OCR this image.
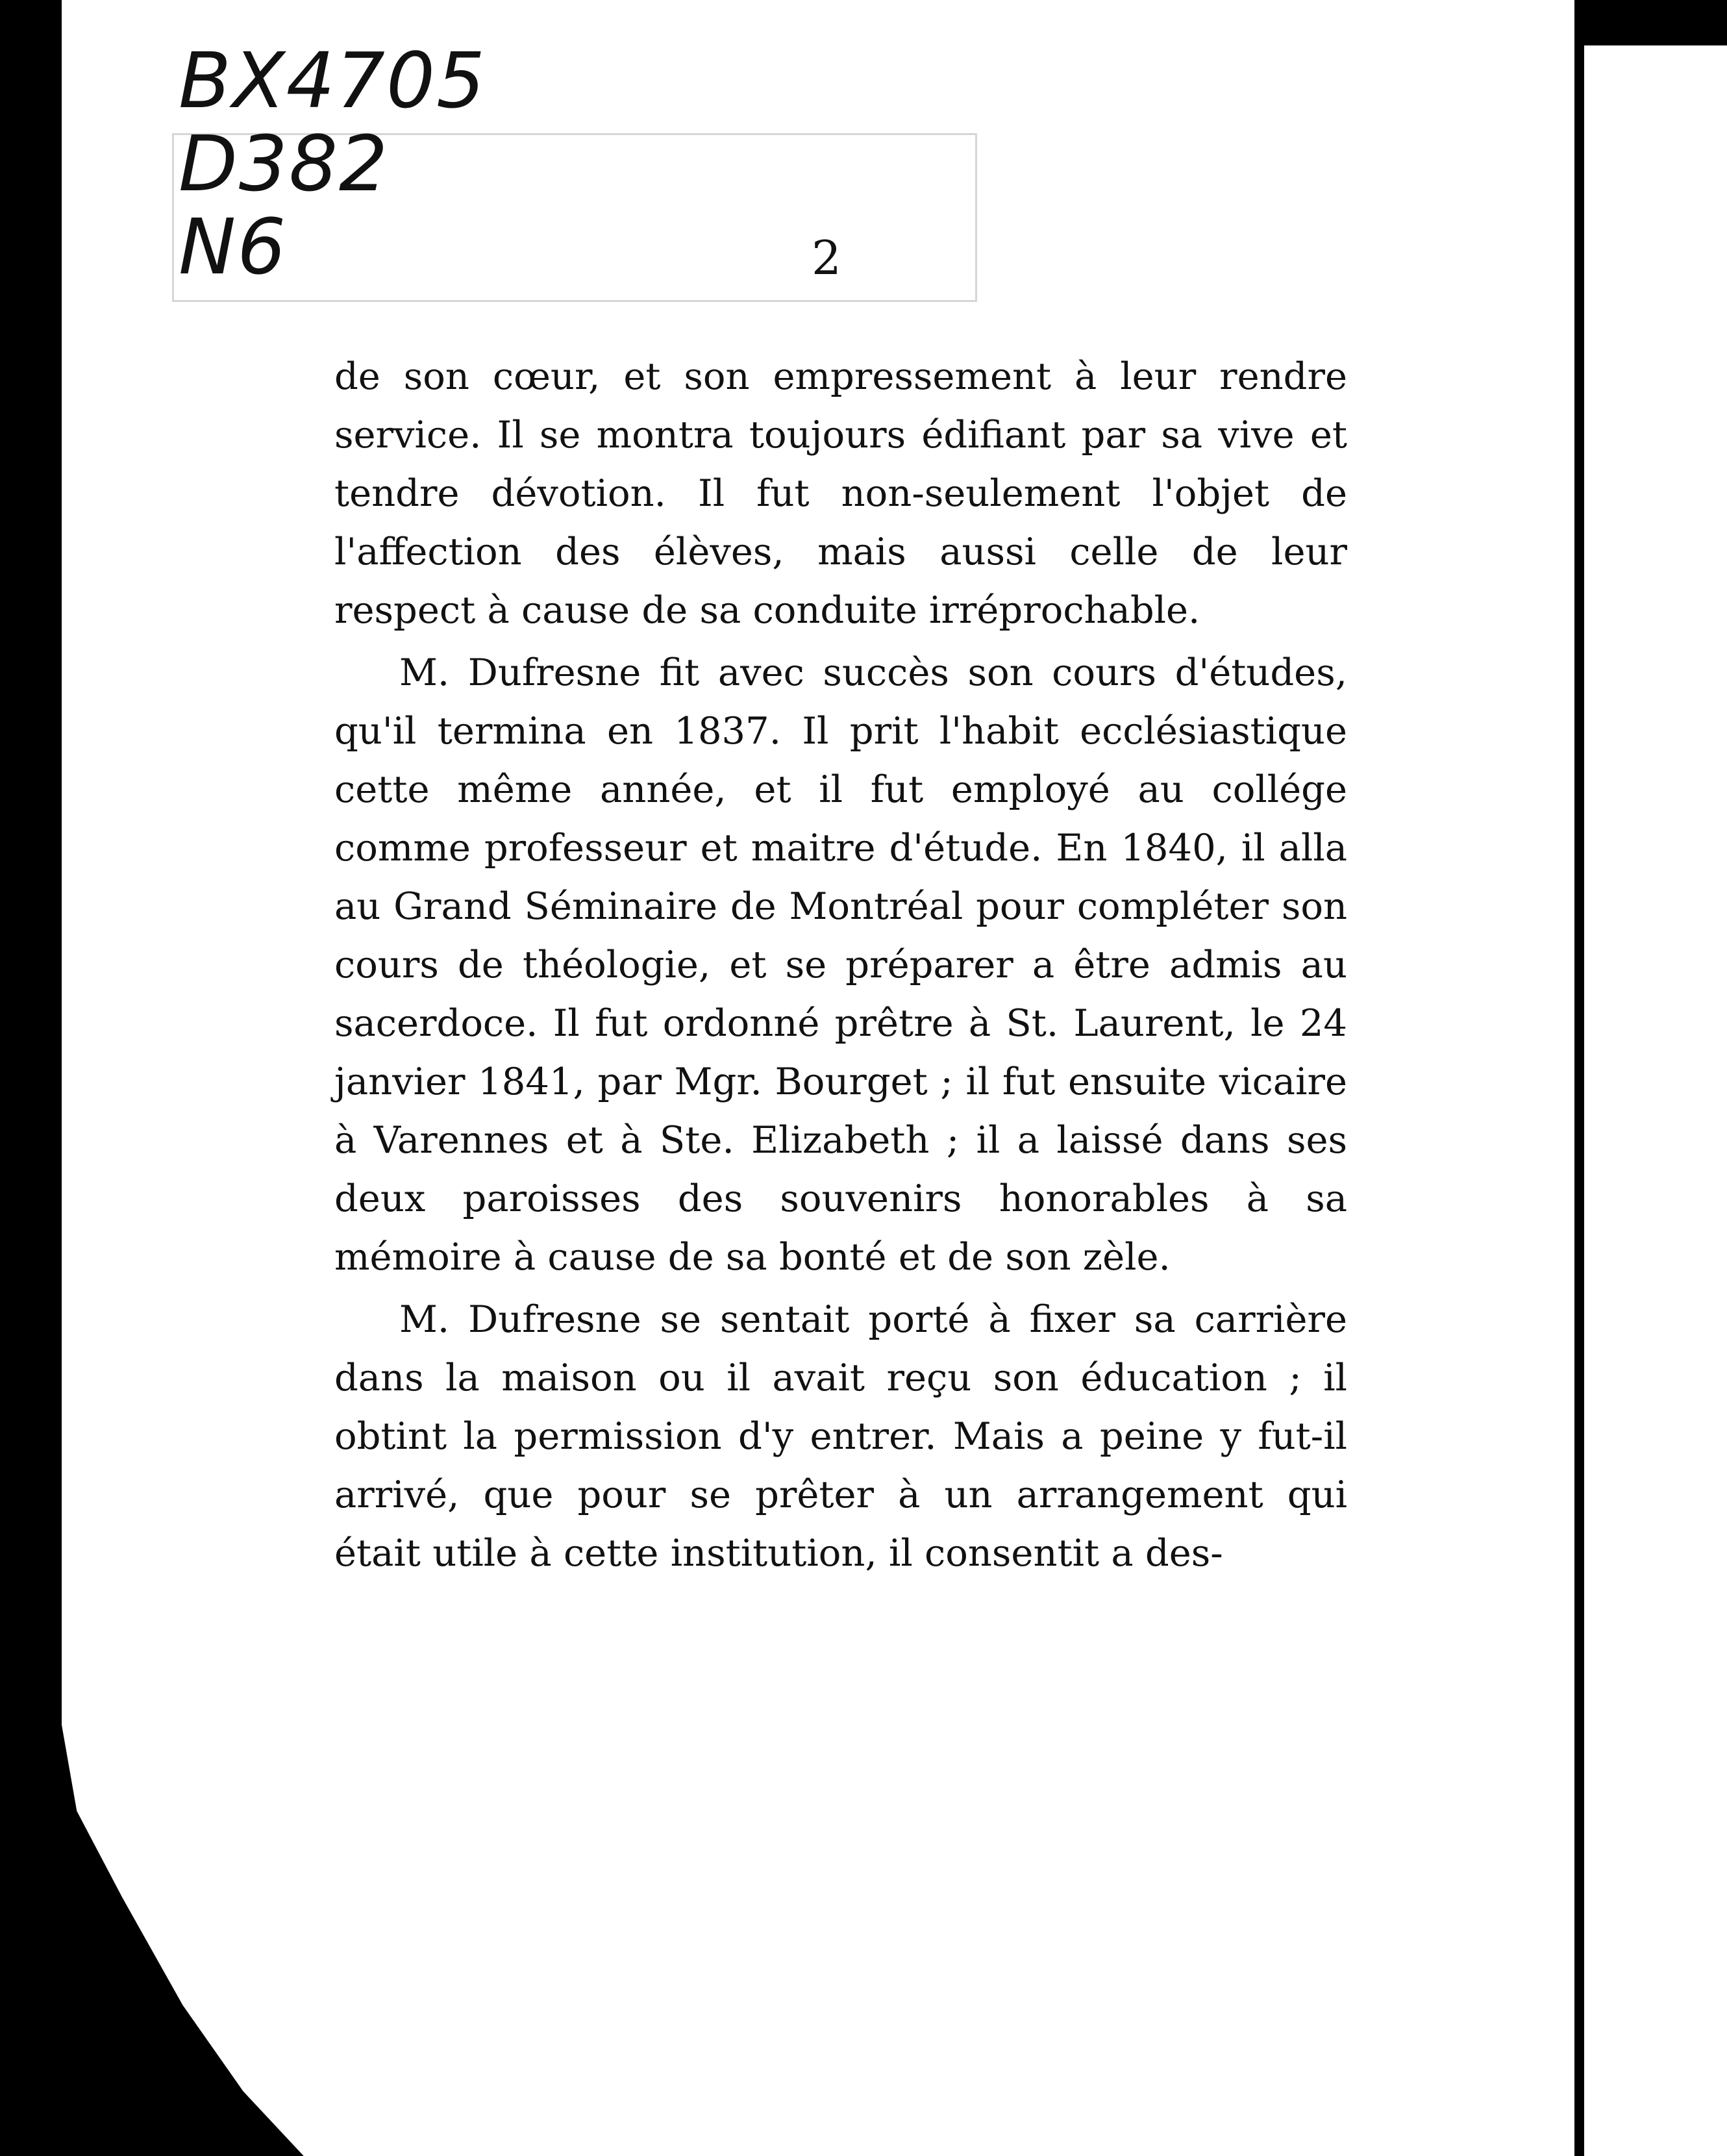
BX4705
D382
N6	2

de son cœur, et son empressement à leur rendre service. Il se montra toujours édifiant par sa vive et tendre dévotion. Il fut non-seulement l'objet de l'affection des élèves, mais aussi celle de leur respect à cause de sa conduite irréprochable.

M. Dufresne fit avec succès son cours d'études, qu'il termina en 1837. Il prit l'habit ecclésiastique cette même année, et il fut employé au collége comme professeur et maitre d'étude. En 1840, il alla au Grand Séminaire de Montréal pour compléter son cours de théologie, et se préparer a être admis au sacerdoce. Il fut ordonné prêtre à St. Laurent, le 24 janvier 1841, par Mgr. Bourget ; il fut ensuite vicaire à Varennes et à Ste. Elizabeth ; il a laissé dans ses deux paroisses des souvenirs honorables à sa mémoire à cause de sa bonté et de son zèle.

M. Dufresne se sentait porté à fixer sa carrière dans la maison ou il avait reçu son éducation ; il obtint la permission d'y entrer. Mais a peine y fut-il arrivé, que pour se prêter à un arrangement qui était utile à cette institution, il consentit a des-
